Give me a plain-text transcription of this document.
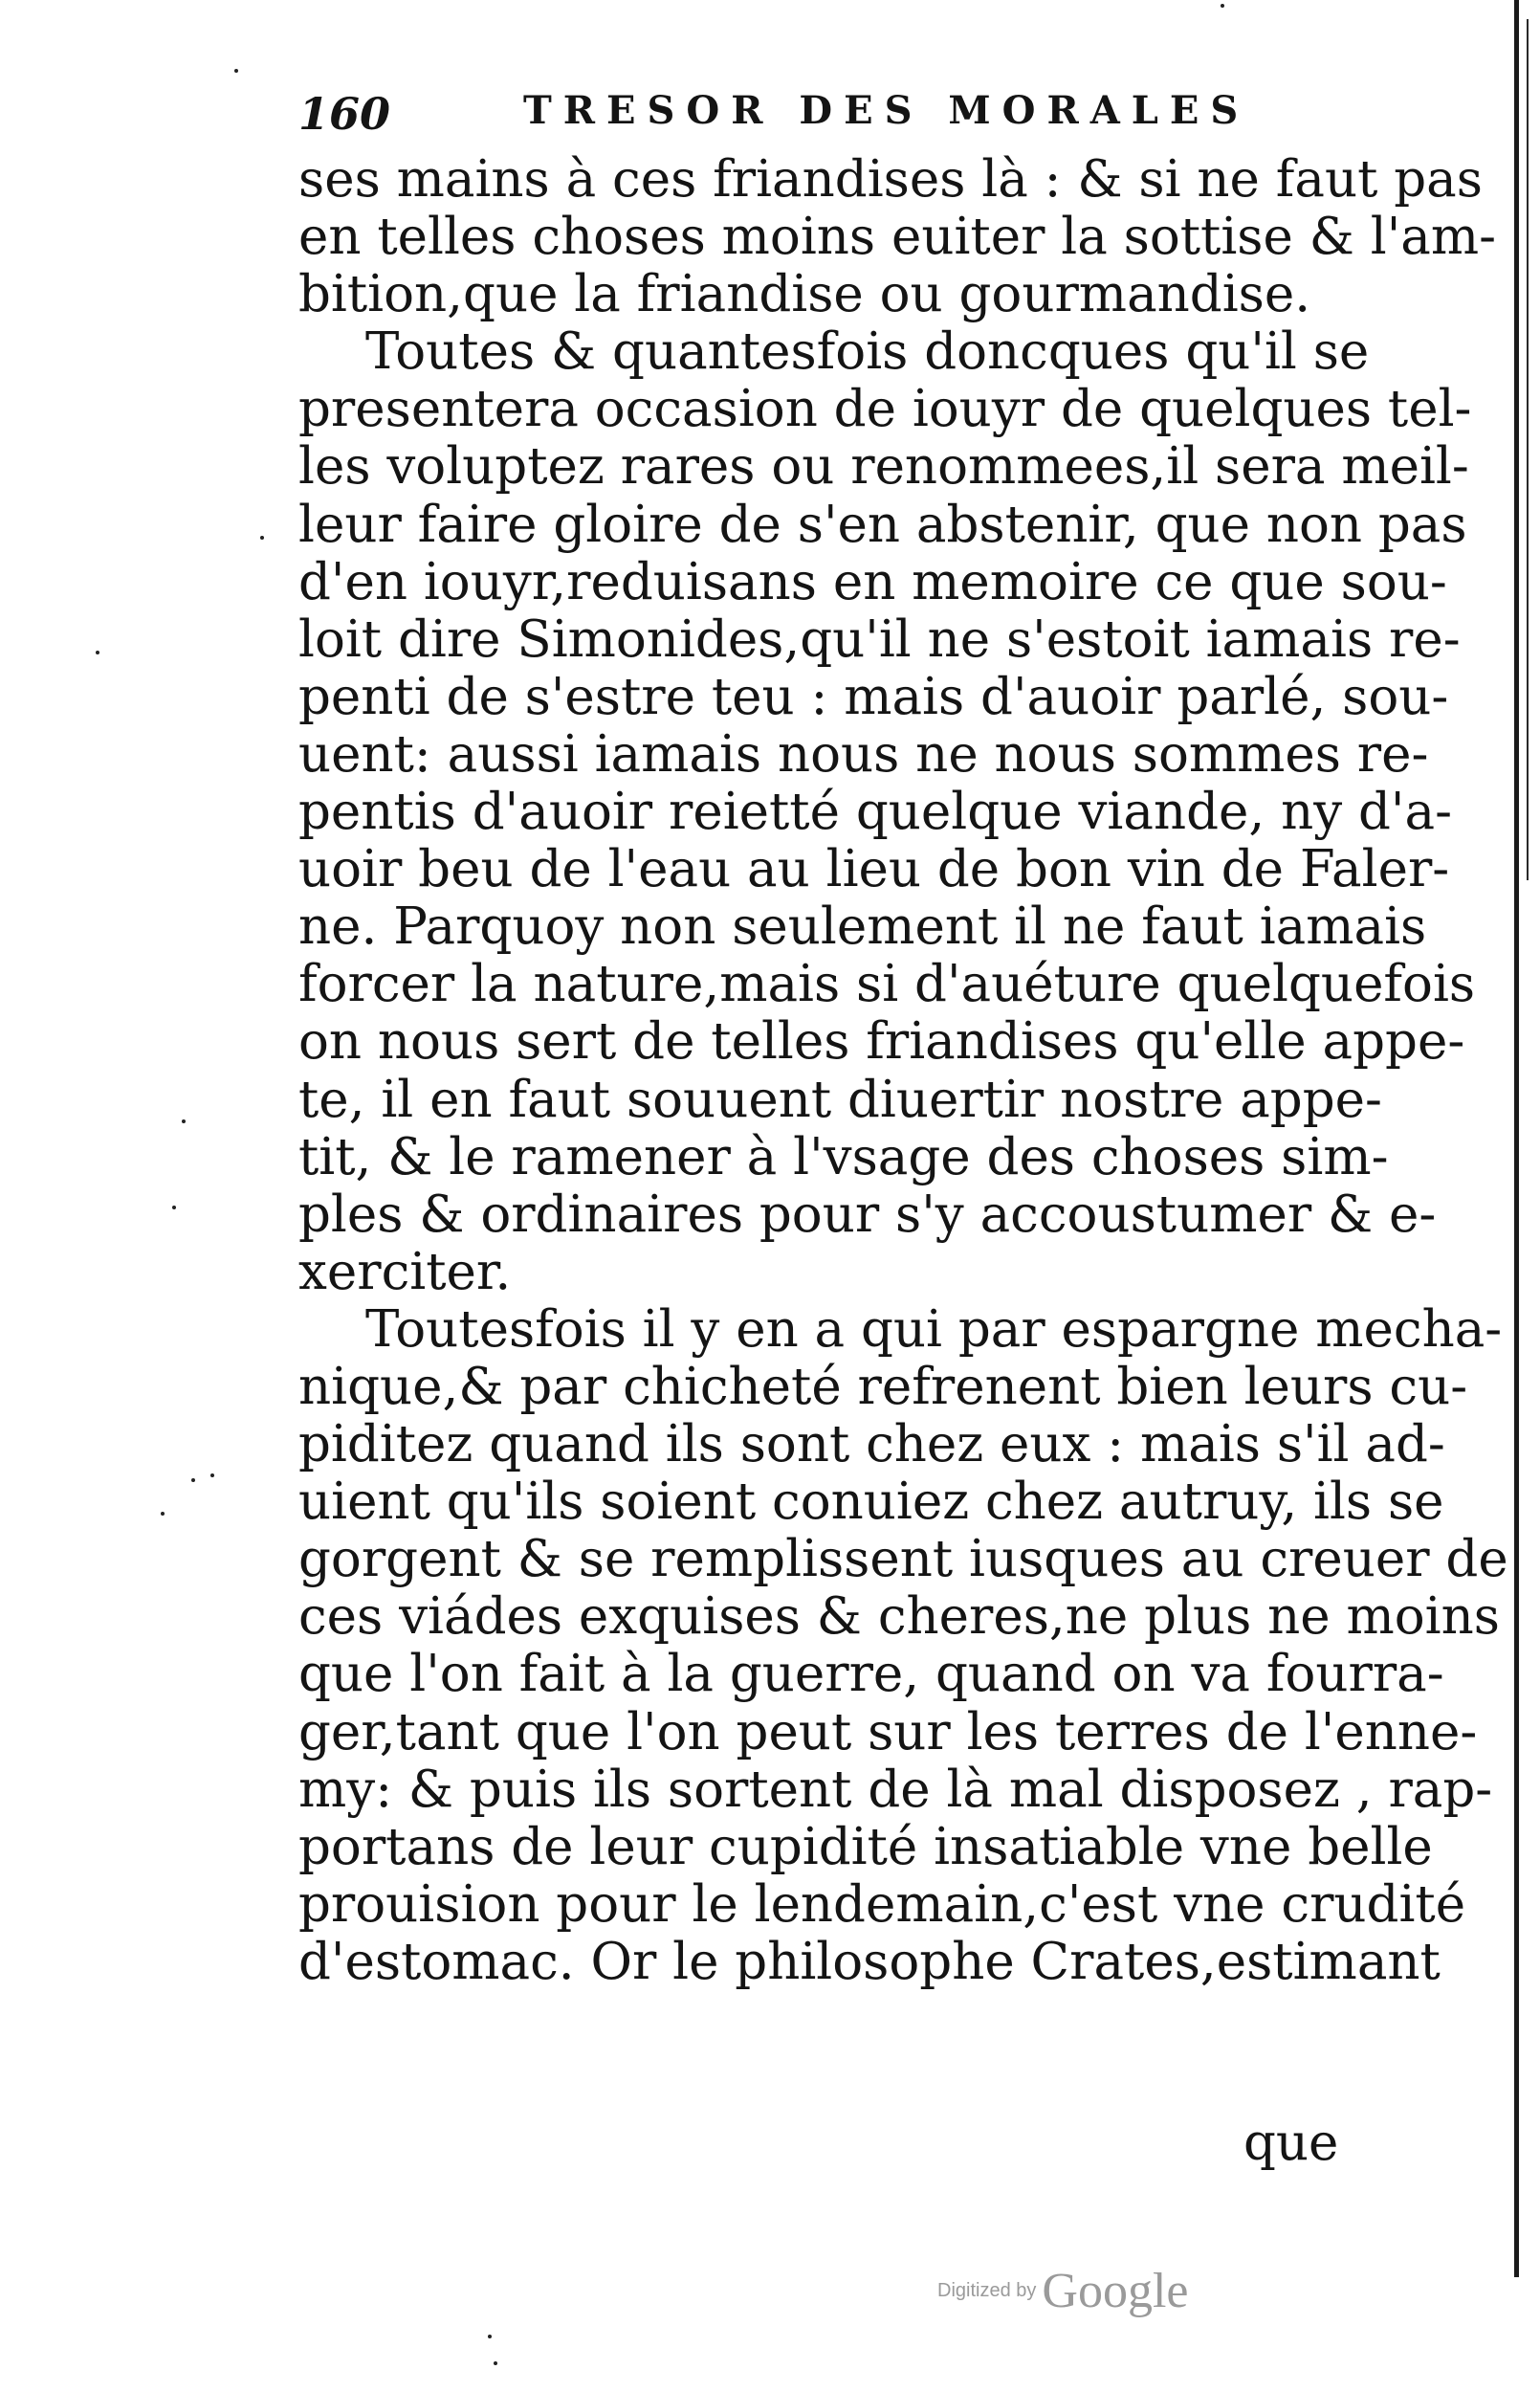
160	TRESOR DES MORALES
ses mains à ces friandises là : & si ne faut pas
en telles choses moins euiter la sottise & l'am-
bition,que la friandise ou gourmandise.
Toutes & quantesfois doncques qu'il se
presentera occasion de iouyr de quelques tel-
les voluptez rares ou renommees,il sera meil-
leur faire gloire de s'en abstenir, que non pas
d'en iouyr,reduisans en memoire ce que sou-
loit dire Simonides,qu'il ne s'estoit iamais re-
penti de s'estre teu : mais d'auoir parlé, sou-
uent: aussi iamais nous ne nous sommes re-
pentis d'auoir reietté quelque viande, ny d'a-
uoir beu de l'eau au lieu de bon vin de Faler-
ne. Parquoy non seulement il ne faut iamais
forcer la nature,mais si d'auéture quelquefois
on nous sert de telles friandises qu'elle appe-
te, il en faut souuent diuertir nostre appe-
tit, & le ramener à l'vsage des choses sim-
ples & ordinaires pour s'y accoustumer & e-
xerciter.
Toutesfois il y en a qui par espargne mecha-
nique,& par chicheté refrenent bien leurs cu-
piditez quand ils sont chez eux : mais s'il ad-
uient qu'ils soient conuiez chez autruy, ils se
gorgent & se remplissent iusques au creuer de
ces viádes exquises & cheres,ne plus ne moins
que l'on fait à la guerre, quand on va fourra-
ger,tant que l'on peut sur les terres de l'enne-
my: & puis ils sortent de là mal disposez , rap-
portans de leur cupidité insatiable vne belle
prouision pour le lendemain,c'est vne crudité
d'estomac. Or le philosophe Crates,estimant
que
Digitized by Google
